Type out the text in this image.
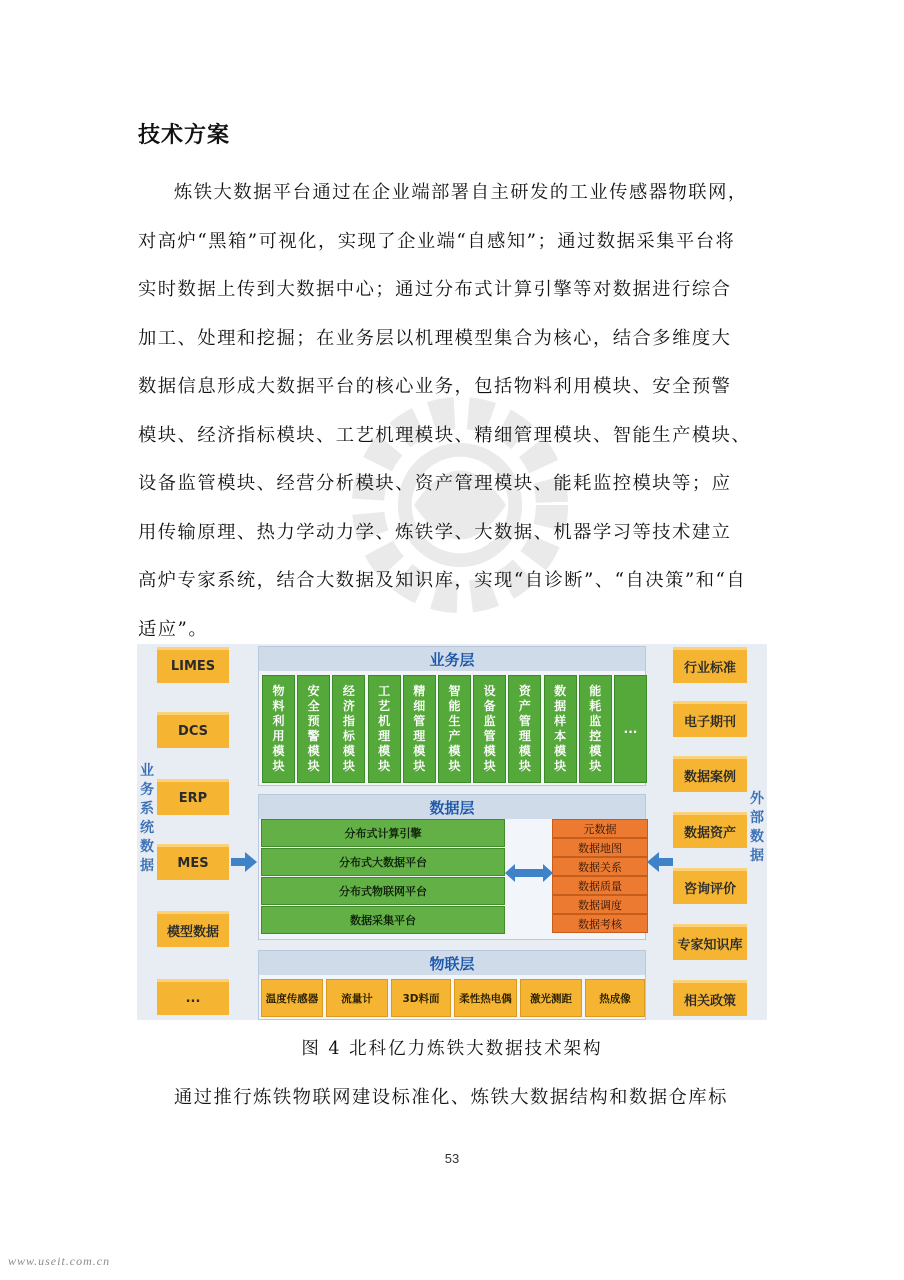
技术方案
炼铁大数据平台通过在企业端部署自主研发的工业传感器物联网，
对高炉“黑箱”可视化，实现了企业端“自感知”；通过数据采集平台将
实时数据上传到大数据中心；通过分布式计算引擎等对数据进行综合
加工、处理和挖掘；在业务层以机理模型集合为核心，结合多维度大
数据信息形成大数据平台的核心业务，包括物料利用模块、安全预警
模块、经济指标模块、工艺机理模块、精细管理模块、智能生产模块、
设备监管模块、经营分析模块、资产管理模块、能耗监控模块等；应
用传输原理、热力学动力学、炼铁学、大数据、机器学习等技术建立
高炉专家系统，结合大数据及知识库，实现“自诊断”、“自决策”和“自
适应”。
LIMES
DCS
ERP
MES
模型数据
...
业
务
系
统
数
据
行业标准
电子期刊
数据案例
数据资产
咨询评价
专家知识库
相关政策
外
部
数
据
业务层
物
料
利
用
模
块
安
全
预
警
模
块
经
济
指
标
模
块
工
艺
机
理
模
块
精
细
管
理
模
块
智
能
生
产
模
块
设
备
监
管
模
块
资
产
管
理
模
块
数
据
样
本
模
块
能
耗
监
控
模
块
...
数据层
分布式计算引擎
分布式大数据平台
分布式物联网平台
数据采集平台
元数据
数据地图
数据关系
数据质量
数据调度
数据考核
物联层
温度传感器	流量计	3D料面	柔性热电偶	激光测距	热成像
图 4 北科亿力炼铁大数据技术架构
通过推行炼铁物联网建设标准化、炼铁大数据结构和数据仓库标
53
www.useit.com.cn
